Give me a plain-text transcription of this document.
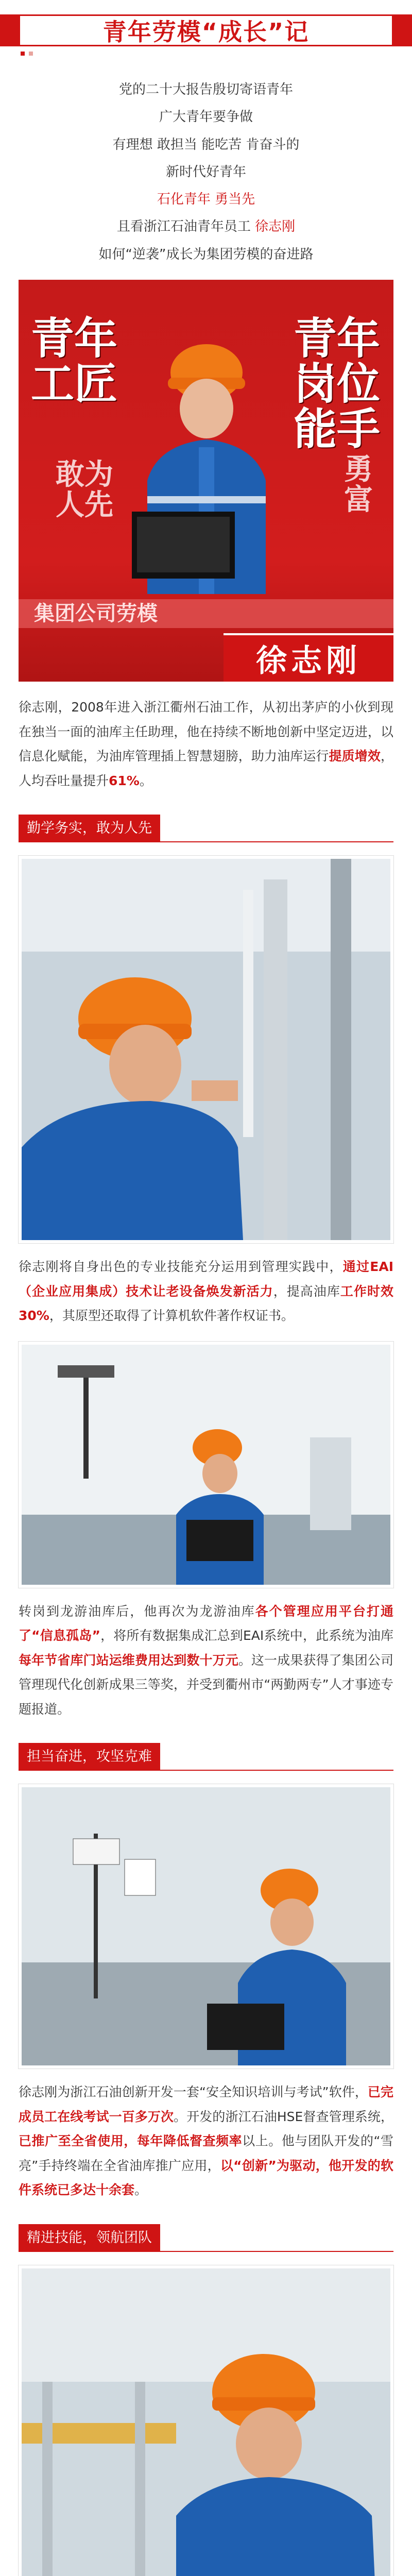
青年劳模“成长”记

党的二十大报告殷切寄语青年

广大青年要争做

有理想 敢担当 能吃苦 肯奋斗的

新时代好青年

石化青年 勇当先

且看浙江石油青年员工 徐志刚

如何“逆袭”成长为集团劳模的奋进路

青年
工匠
敢为
人先
青年
岗位
能手
勇
富
集团公司劳模
徐志刚

徐志刚，2008年进入浙江衢州石油工作，从初出茅庐的小伙到现在独当一面的油库主任助理，他在持续不断地创新中坚定迈进，以信息化赋能，为油库管理插上智慧翅膀，助力油库运行提质增效，人均吞吐量提升61%。

勤学务实，敢为人先

徐志刚将自身出色的专业技能充分运用到管理实践中，通过EAI（企业应用集成）技术让老设备焕发新活力，提高油库工作时效30%，其原型还取得了计算机软件著作权证书。

转岗到龙游油库后，他再次为龙游油库各个管理应用平台打通了“信息孤岛”，将所有数据集成汇总到EAI系统中，此系统为油库每年节省库门站运维费用达到数十万元。这一成果获得了集团公司管理现代化创新成果三等奖，并受到衢州市“两勤两专”人才事迹专题报道。

担当奋进，攻坚克难

徐志刚为浙江石油创新开发一套“安全知识培训与考试”软件，已完成员工在线考试一百多万次。开发的浙江石油HSE督查管理系统，已推广至全省使用，每年降低督查频率以上。他与团队开发的“雪亮”手持终端在全省油库推广应用，以“创新”为驱动，他开发的软件系统已多达十余套。

精进技能，领航团队
